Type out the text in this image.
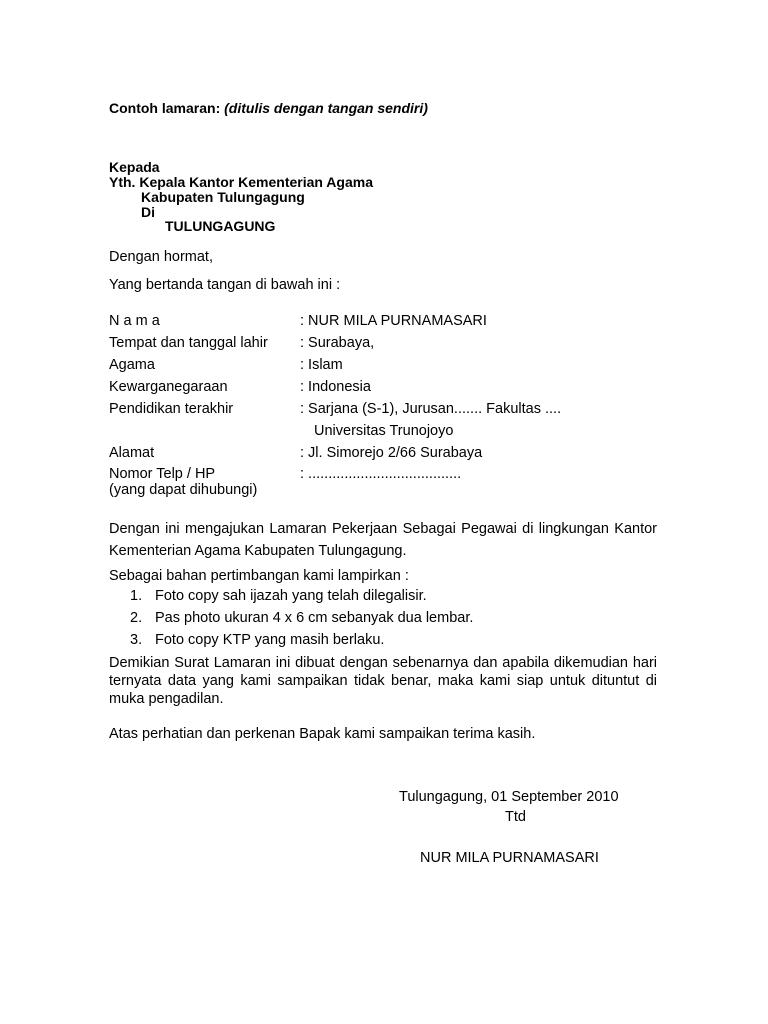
Contoh lamaran: (ditulis dengan tangan sendiri)
Kepada
Yth. Kepala Kantor Kementerian Agama
Kabupaten Tulungagung
Di
TULUNGAGUNG
Dengan hormat,
Yang bertanda tangan di bawah ini :
N a m a	: NUR MILA PURNAMASARI
Tempat dan tanggal lahir : Surabaya,
Agama	: Islam
Kewarganegaraan	: Indonesia
Pendidikan terakhir	: Sarjana (S-1), Jurusan....... Fakultas ....
Universitas Trunojoyo
Alamat	: Jl. Simorejo 2/66 Surabaya
Nomor Telp / HP
(yang dapat dihubungi)
: ......................................
Dengan ini mengajukan Lamaran Pekerjaan Sebagai Pegawai di lingkungan Kantor Kementerian Agama Kabupaten Tulungagung.
Sebagai bahan pertimbangan kami lampirkan :
1. Foto copy sah ijazah yang telah dilegalisir.
2. Pas photo ukuran 4 x 6 cm sebanyak dua lembar.
3. Foto copy KTP yang masih berlaku.
Demikian Surat Lamaran ini dibuat dengan sebenarnya dan apabila dikemudian hari ternyata data yang kami sampaikan tidak benar, maka kami siap untuk dituntut di muka pengadilan.
Atas perhatian dan perkenan Bapak kami sampaikan terima kasih.
Tulungagung, 01 September 2010
Ttd
NUR MILA PURNAMASARI
